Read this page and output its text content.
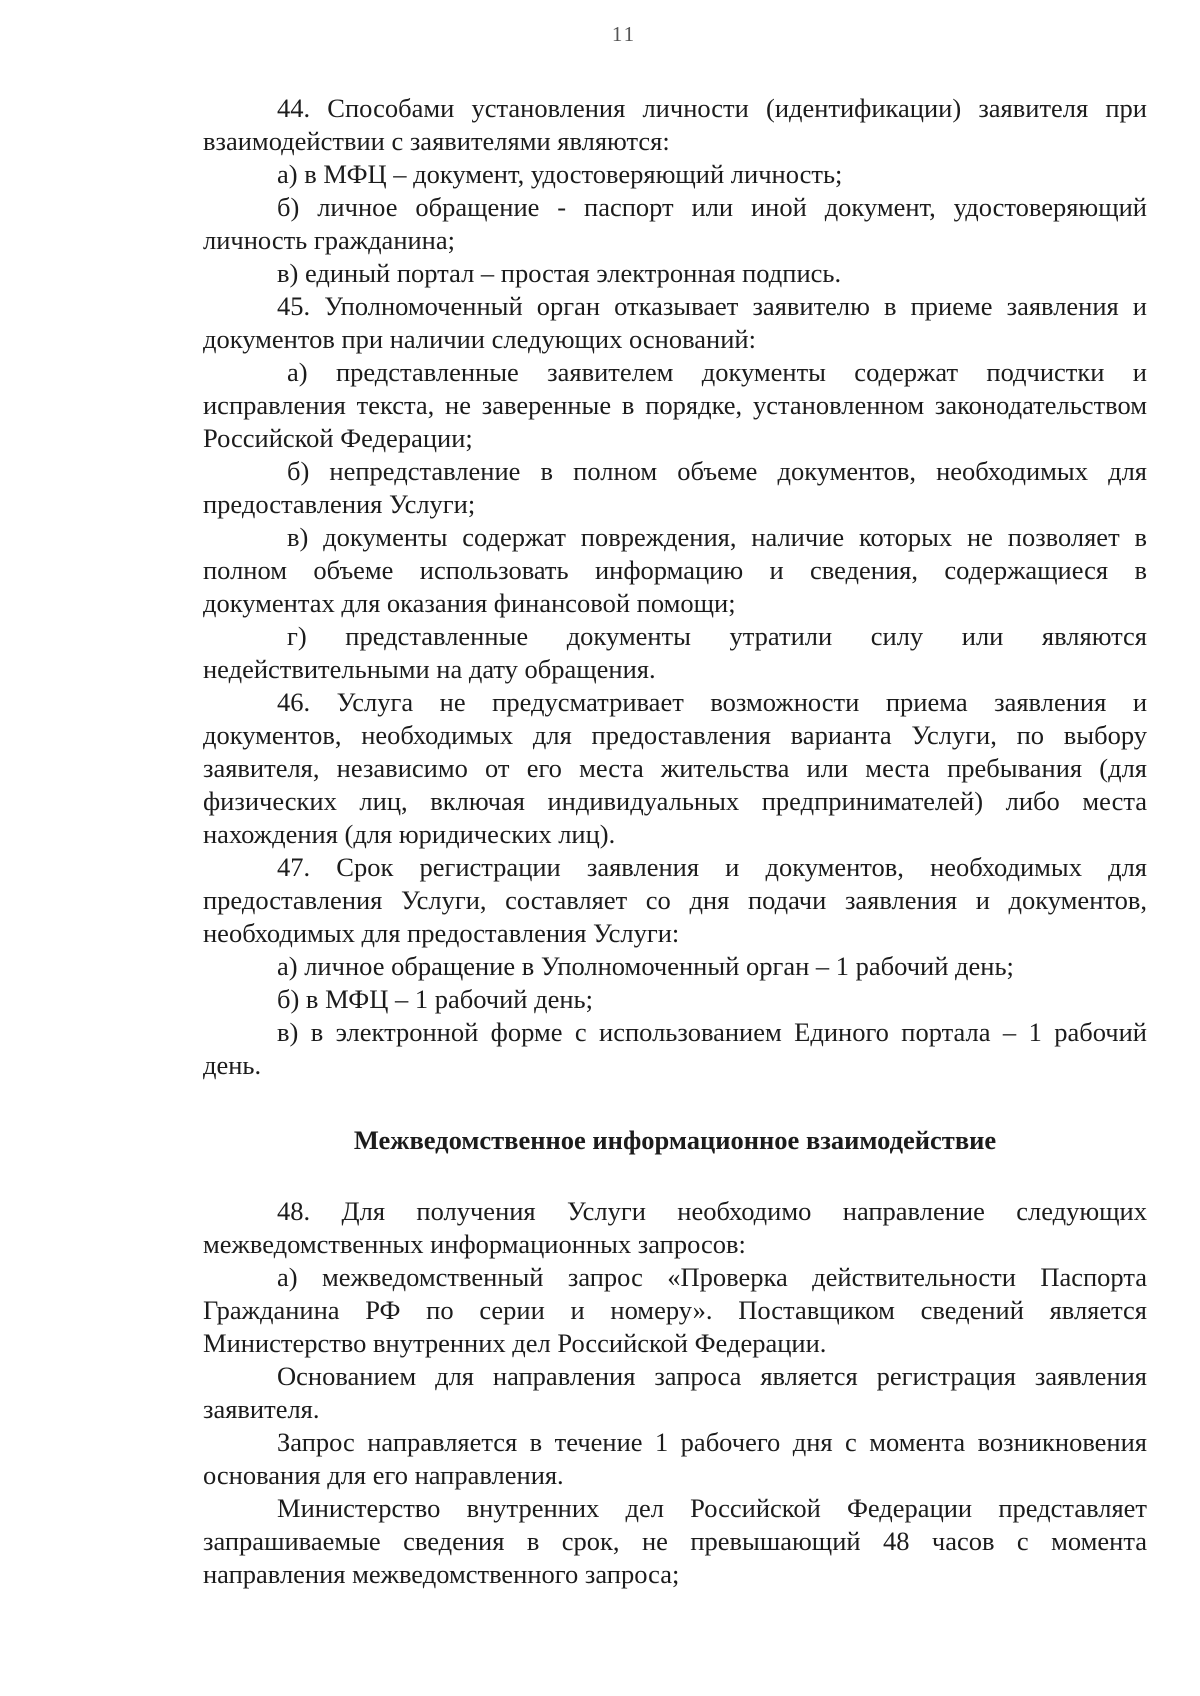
11

44. Способами установления личности (идентификации) заявителя при взаимодействии с заявителями являются:

а) в МФЦ – документ, удостоверяющий личность;

б) личное обращение - паспорт или иной документ, удостоверяющий личность гражданина;

в) единый портал – простая электронная подпись.

45. Уполномоченный орган отказывает заявителю в приеме заявления и документов при наличии следующих оснований:

а) представленные заявителем документы содержат подчистки и исправления текста, не заверенные в порядке, установленном законодательством Российской Федерации;

б) непредставление в полном объеме документов, необходимых для предоставления Услуги;

в) документы содержат повреждения, наличие которых не позволяет в полном объеме использовать информацию и сведения, содержащиеся в документах для оказания финансовой помощи;

г) представленные документы утратили силу или являются недействительными на дату обращения.

46. Услуга не предусматривает возможности приема заявления и документов, необходимых для предоставления варианта Услуги, по выбору заявителя, независимо от его места жительства или места пребывания (для физических лиц, включая индивидуальных предпринимателей) либо места нахождения (для юридических лиц).

47. Срок регистрации заявления и документов, необходимых для предоставления Услуги, составляет со дня подачи заявления и документов, необходимых для предоставления Услуги:

а) личное обращение в Уполномоченный орган – 1 рабочий день;

б) в МФЦ – 1 рабочий день;

в) в электронной форме с использованием Единого портала – 1 рабочий день.

Межведомственное информационное взаимодействие

48. Для получения Услуги необходимо направление следующих межведомственных информационных запросов:

а) межведомственный запрос «Проверка действительности Паспорта Гражданина РФ по серии и номеру». Поставщиком сведений является Министерство внутренних дел Российской Федерации.

Основанием для направления запроса является регистрация заявления заявителя.

Запрос направляется в течение 1 рабочего дня с момента возникновения основания для его направления.

Министерство внутренних дел Российской Федерации представляет запрашиваемые сведения в срок, не превышающий 48 часов с момента направления межведомственного запроса;
